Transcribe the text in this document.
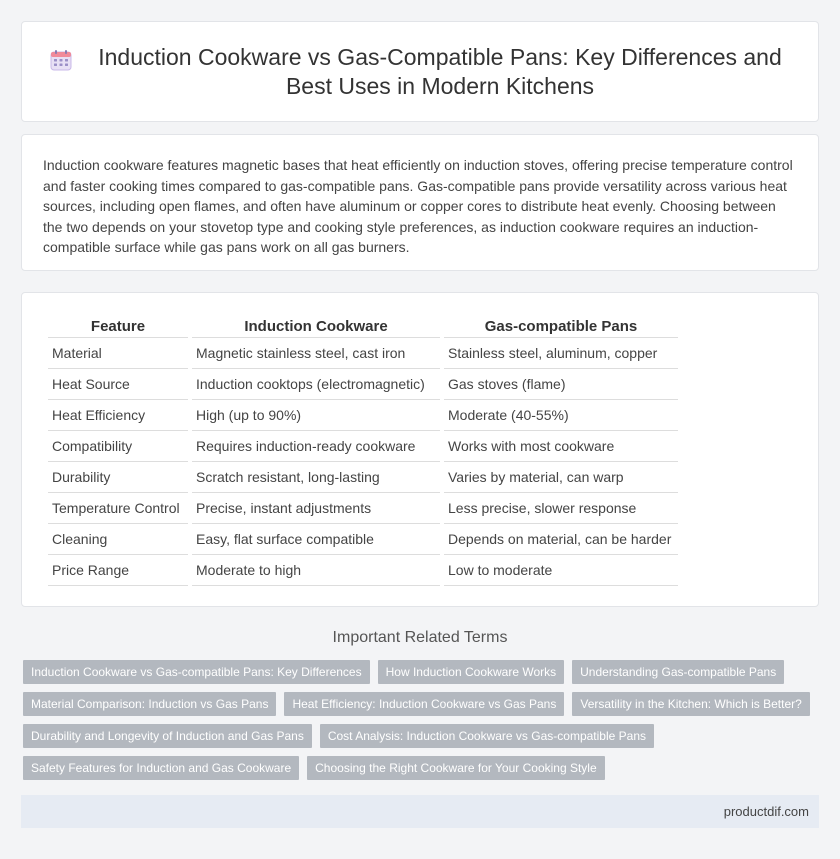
Induction Cookware vs Gas-Compatible Pans: Key Differences and Best Uses in Modern Kitchens

Induction cookware features magnetic bases that heat efficiently on induction stoves, offering precise temperature control and faster cooking times compared to gas-compatible pans. Gas-compatible pans provide versatility across various heat sources, including open flames, and often have aluminum or copper cores to distribute heat evenly. Choosing between the two depends on your stovetop type and cooking style preferences, as induction cookware requires an induction-compatible surface while gas pans work on all gas burners.

Feature	Induction Cookware	Gas-compatible Pans
Material	Magnetic stainless steel, cast iron	Stainless steel, aluminum, copper
Heat Source	Induction cooktops (electromagnetic)	Gas stoves (flame)
Heat Efficiency	High (up to 90%)	Moderate (40-55%)
Compatibility	Requires induction-ready cookware	Works with most cookware
Durability	Scratch resistant, long-lasting	Varies by material, can warp
Temperature Control	Precise, instant adjustments	Less precise, slower response
Cleaning	Easy, flat surface compatible	Depends on material, can be harder
Price Range	Moderate to high	Low to moderate
Important Related Terms
Induction Cookware vs Gas-compatible Pans: Key Differences	How Induction Cookware Works	Understanding Gas-compatible Pans
Material Comparison: Induction vs Gas Pans	Heat Efficiency: Induction Cookware vs Gas Pans	Versatility in the Kitchen: Which is Better?
Durability and Longevity of Induction and Gas Pans	Cost Analysis: Induction Cookware vs Gas-compatible Pans
Safety Features for Induction and Gas Cookware	Choosing the Right Cookware for Your Cooking Style
productdif.com
